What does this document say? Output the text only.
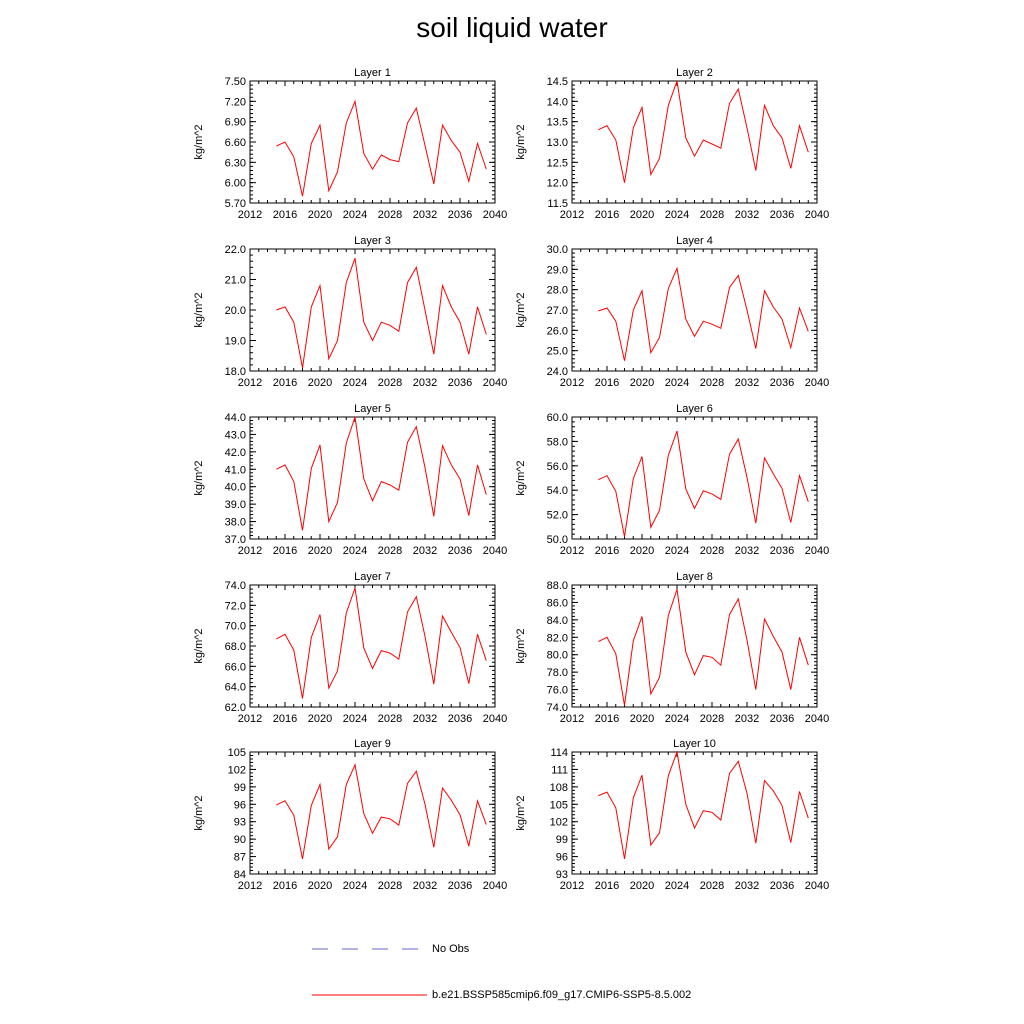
soil liquid water
Layer 1
kg/m^2
2012 2016 2020 2024 2028 2032 2036 2040
5.70
6.00
6.30
6.60
6.90
7.20
7.50
Layer 2
kg/m^2
2012 2016 2020 2024 2028 2032 2036 2040
11.5
12.0
12.5
13.0
13.5
14.0
14.5
Layer 3
kg/m^2
2012 2016 2020 2024 2028 2032 2036 2040
18.0
19.0
20.0
21.0
22.0
Layer 4
kg/m^2
2012 2016 2020 2024 2028 2032 2036 2040
24.0
25.0
26.0
27.0
28.0
29.0
30.0
Layer 5
kg/m^2
2012 2016 2020 2024 2028 2032 2036 2040
37.0
38.0
39.0
40.0
41.0
42.0
43.0
44.0
Layer 6
kg/m^2
2012 2016 2020 2024 2028 2032 2036 2040
50.0
52.0
54.0
56.0
58.0
60.0
Layer 7
kg/m^2
2012 2016 2020 2024 2028 2032 2036 2040
62.0
64.0
66.0
68.0
70.0
72.0
74.0
Layer 8
kg/m^2
2012 2016 2020 2024 2028 2032 2036 2040
74.0
76.0
78.0
80.0
82.0
84.0
86.0
88.0
Layer 9
kg/m^2
2012 2016 2020 2024 2028 2032 2036 2040
84
87
90
93
96
99
102
105
Layer 10
kg/m^2
2012 2016 2020 2024 2028 2032 2036 2040
93
96
99
102
105
108
111
114
No Obs
b.e21.BSSP585cmip6.f09_g17.CMIP6-SSP5-8.5.002
